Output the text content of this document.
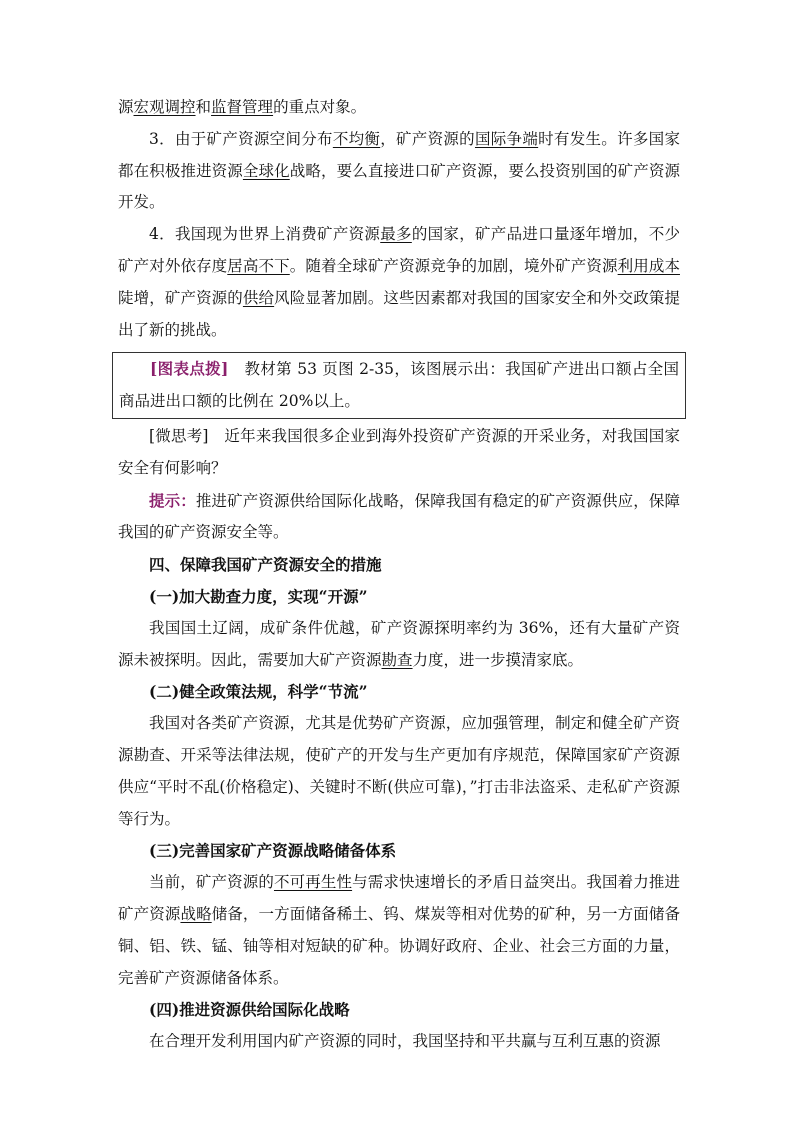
源宏观调控和监督管理的重点对象。

3．由于矿产资源空间分布不均衡，矿产资源的国际争端时有发生。许多国家都在积极推进资源全球化战略，要么直接进口矿产资源，要么投资别国的矿产资源开发。

4．我国现为世界上消费矿产资源最多的国家，矿产品进口量逐年增加，不少矿产对外依存度居高不下。随着全球矿产资源竞争的加剧，境外矿产资源利用成本陡增，矿产资源的供给风险显著加剧。这些因素都对我国的国家安全和外交政策提出了新的挑战。

[图表点拨]　教材第 53 页图 2-35，该图展示出：我国矿产进出口额占全国商品进出口额的比例在 20%以上。

[微思考]　近年来我国很多企业到海外投资矿产资源的开采业务，对我国国家安全有何影响？

提示：推进矿产资源供给国际化战略，保障我国有稳定的矿产资源供应，保障我国的矿产资源安全等。

四、保障我国矿产资源安全的措施

(一)加大勘查力度，实现“开源”

我国国土辽阔，成矿条件优越，矿产资源探明率约为 36%，还有大量矿产资源未被探明。因此，需要加大矿产资源勘查力度，进一步摸清家底。

(二)健全政策法规，科学“节流”

我国对各类矿产资源，尤其是优势矿产资源，应加强管理，制定和健全矿产资源勘查、开采等法律法规，使矿产的开发与生产更加有序规范，保障国家矿产资源供应“平时不乱(价格稳定)、关键时不断(供应可靠)，”打击非法盗采、走私矿产资源等行为。

(三)完善国家矿产资源战略储备体系

当前，矿产资源的不可再生性与需求快速增长的矛盾日益突出。我国着力推进矿产资源战略储备，一方面储备稀土、钨、煤炭等相对优势的矿种，另一方面储备铜、铝、铁、锰、铀等相对短缺的矿种。协调好政府、企业、社会三方面的力量，完善矿产资源储备体系。

(四)推进资源供给国际化战略

在合理开发利用国内矿产资源的同时，我国坚持和平共赢与互利互惠的资源
